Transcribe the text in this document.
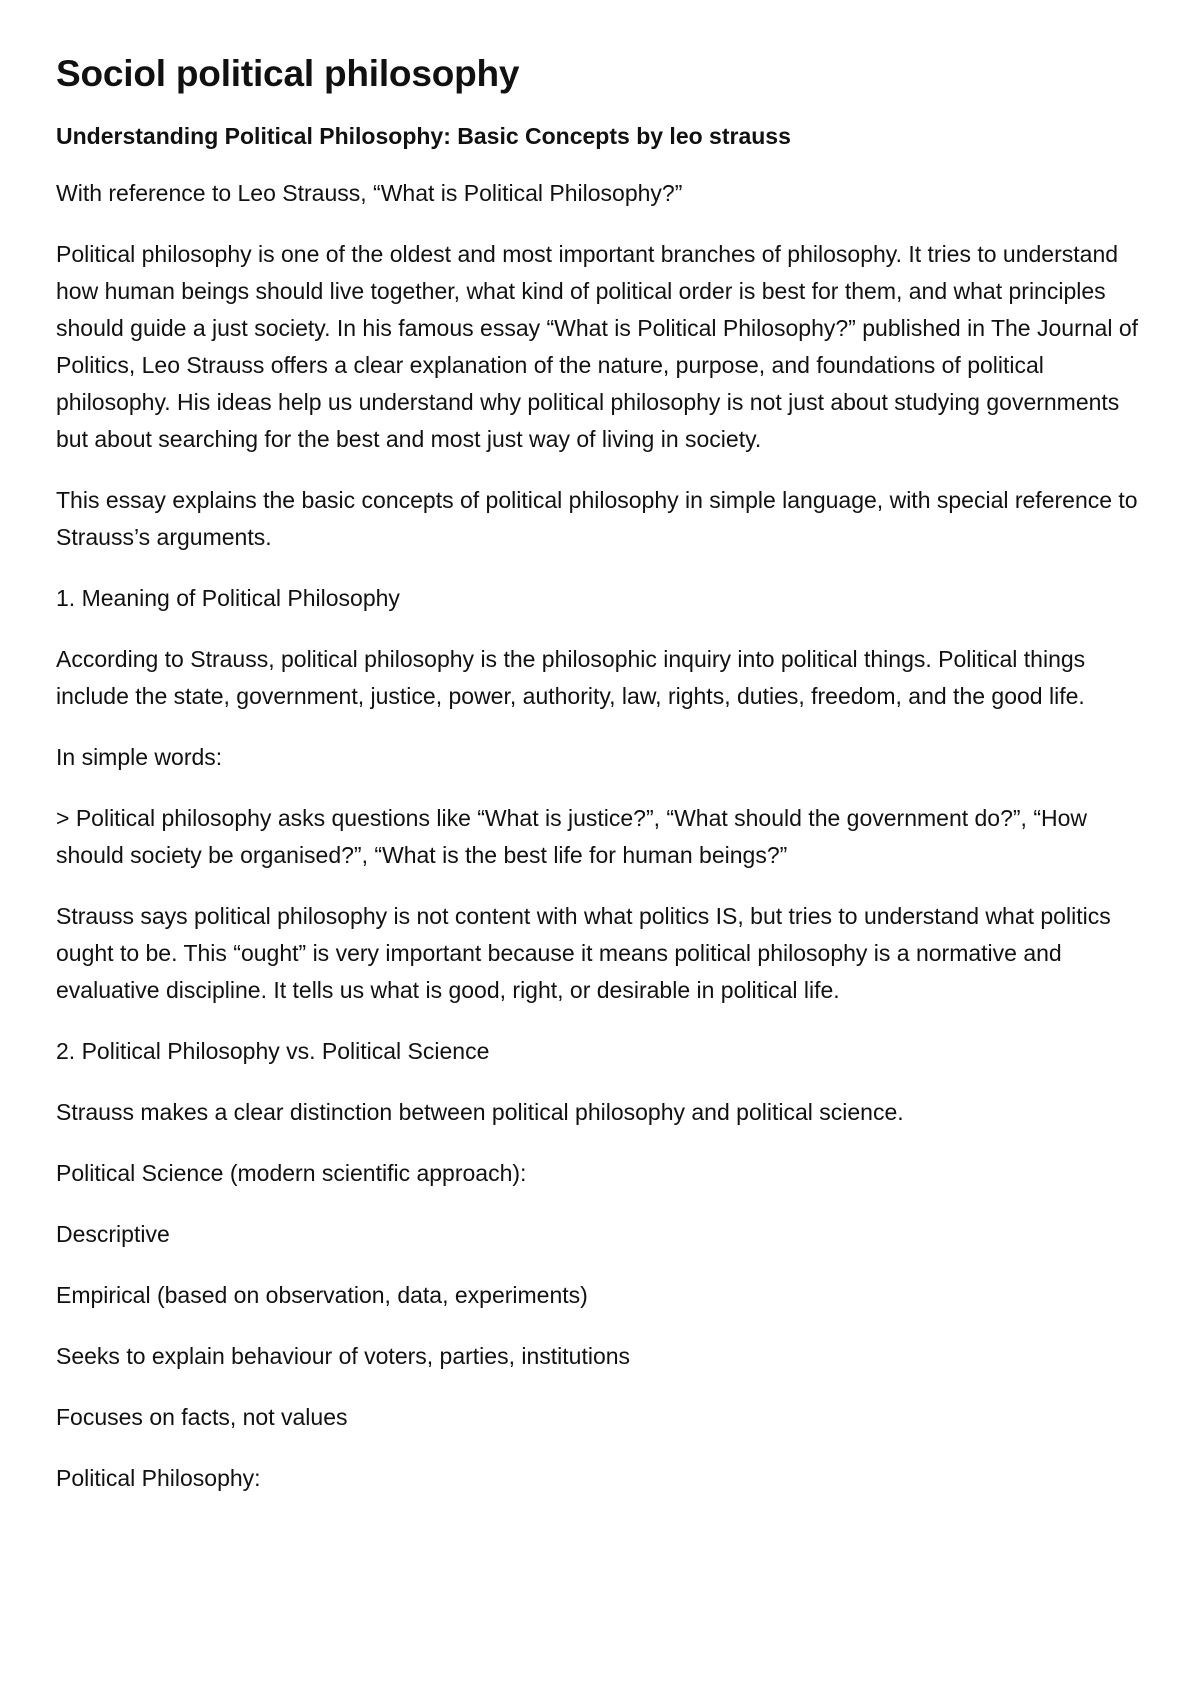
Sociol political philosophy
Understanding Political Philosophy: Basic Concepts by leo strauss

With reference to Leo Strauss, “What is Political Philosophy?”

Political philosophy is one of the oldest and most important branches of philosophy. It tries to understand how human beings should live together, what kind of political order is best for them, and what principles should guide a just society. In his famous essay “What is Political Philosophy?” published in The Journal of Politics, Leo Strauss offers a clear explanation of the nature, purpose, and foundations of political philosophy. His ideas help us understand why political philosophy is not just about studying governments but about searching for the best and most just way of living in society.

This essay explains the basic concepts of political philosophy in simple language, with special reference to Strauss’s arguments.

1. Meaning of Political Philosophy

According to Strauss, political philosophy is the philosophic inquiry into political things. Political things include the state, government, justice, power, authority, law, rights, duties, freedom, and the good life.

In simple words:

> Political philosophy asks questions like “What is justice?”, “What should the government do?”, “How should society be organised?”, “What is the best life for human beings?”

Strauss says political philosophy is not content with what politics IS, but tries to understand what politics ought to be. This “ought” is very important because it means political philosophy is a normative and evaluative discipline. It tells us what is good, right, or desirable in political life.

2. Political Philosophy vs. Political Science

Strauss makes a clear distinction between political philosophy and political science.

Political Science (modern scientific approach):

Descriptive

Empirical (based on observation, data, experiments)

Seeks to explain behaviour of voters, parties, institutions

Focuses on facts, not values

Political Philosophy:
